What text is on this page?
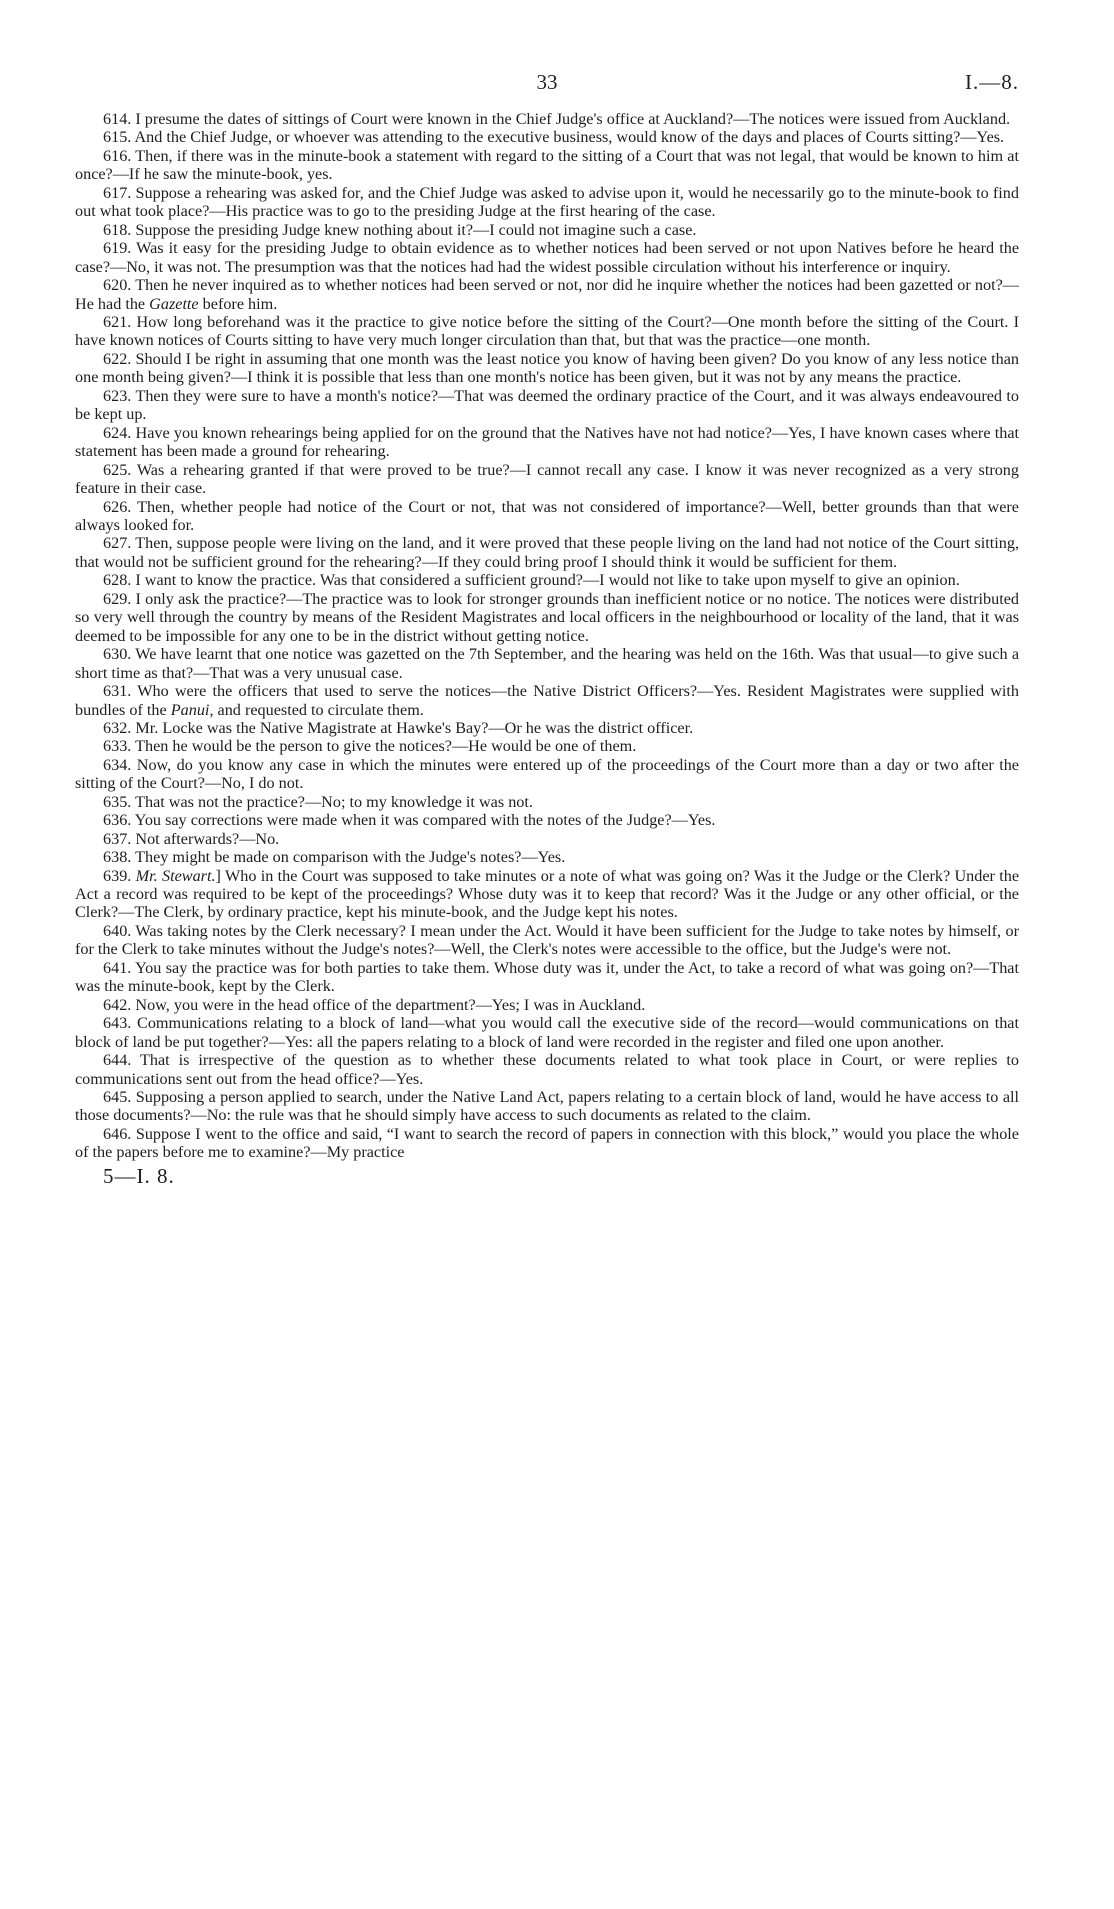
33	I.—8.

614. I presume the dates of sittings of Court were known in the Chief Judge's office at Auckland?—The notices were issued from Auckland.

615. And the Chief Judge, or whoever was attending to the executive business, would know of the days and places of Courts sitting?—Yes.

616. Then, if there was in the minute-book a statement with regard to the sitting of a Court that was not legal, that would be known to him at once?—If he saw the minute-book, yes.

617. Suppose a rehearing was asked for, and the Chief Judge was asked to advise upon it, would he necessarily go to the minute-book to find out what took place?—His practice was to go to the presiding Judge at the first hearing of the case.

618. Suppose the presiding Judge knew nothing about it?—I could not imagine such a case.

619. Was it easy for the presiding Judge to obtain evidence as to whether notices had been served or not upon Natives before he heard the case?—No, it was not. The presumption was that the notices had had the widest possible circulation without his interference or inquiry.

620. Then he never inquired as to whether notices had been served or not, nor did he inquire whether the notices had been gazetted or not?—He had the Gazette before him.

621. How long beforehand was it the practice to give notice before the sitting of the Court?—One month before the sitting of the Court. I have known notices of Courts sitting to have very much longer circulation than that, but that was the practice—one month.

622. Should I be right in assuming that one month was the least notice you know of having been given? Do you know of any less notice than one month being given?—I think it is possible that less than one month's notice has been given, but it was not by any means the practice.

623. Then they were sure to have a month's notice?—That was deemed the ordinary practice of the Court, and it was always endeavoured to be kept up.

624. Have you known rehearings being applied for on the ground that the Natives have not had notice?—Yes, I have known cases where that statement has been made a ground for rehearing.

625. Was a rehearing granted if that were proved to be true?—I cannot recall any case. I know it was never recognized as a very strong feature in their case.

626. Then, whether people had notice of the Court or not, that was not considered of importance?—Well, better grounds than that were always looked for.

627. Then, suppose people were living on the land, and it were proved that these people living on the land had not notice of the Court sitting, that would not be sufficient ground for the rehearing?—If they could bring proof I should think it would be sufficient for them.

628. I want to know the practice. Was that considered a sufficient ground?—I would not like to take upon myself to give an opinion.

629. I only ask the practice?—The practice was to look for stronger grounds than inefficient notice or no notice. The notices were distributed so very well through the country by means of the Resident Magistrates and local officers in the neighbourhood or locality of the land, that it was deemed to be impossible for any one to be in the district without getting notice.

630. We have learnt that one notice was gazetted on the 7th September, and the hearing was held on the 16th. Was that usual—to give such a short time as that?—That was a very unusual case.

631. Who were the officers that used to serve the notices—the Native District Officers?—Yes. Resident Magistrates were supplied with bundles of the Panui, and requested to circulate them.

632. Mr. Locke was the Native Magistrate at Hawke's Bay?—Or he was the district officer.

633. Then he would be the person to give the notices?—He would be one of them.

634. Now, do you know any case in which the minutes were entered up of the proceedings of the Court more than a day or two after the sitting of the Court?—No, I do not.

635. That was not the practice?—No; to my knowledge it was not.

636. You say corrections were made when it was compared with the notes of the Judge?—Yes.

637. Not afterwards?—No.

638. They might be made on comparison with the Judge's notes?—Yes.

639. Mr. Stewart.] Who in the Court was supposed to take minutes or a note of what was going on? Was it the Judge or the Clerk? Under the Act a record was required to be kept of the proceedings? Whose duty was it to keep that record? Was it the Judge or any other official, or the Clerk?—The Clerk, by ordinary practice, kept his minute-book, and the Judge kept his notes.

640. Was taking notes by the Clerk necessary? I mean under the Act. Would it have been sufficient for the Judge to take notes by himself, or for the Clerk to take minutes without the Judge's notes?—Well, the Clerk's notes were accessible to the office, but the Judge's were not.

641. You say the practice was for both parties to take them. Whose duty was it, under the Act, to take a record of what was going on?—That was the minute-book, kept by the Clerk.

642. Now, you were in the head office of the department?—Yes; I was in Auckland.

643. Communications relating to a block of land—what you would call the executive side of the record—would communications on that block of land be put together?—Yes: all the papers relating to a block of land were recorded in the register and filed one upon another.

644. That is irrespective of the question as to whether these documents related to what took place in Court, or were replies to communications sent out from the head office?—Yes.

645. Supposing a person applied to search, under the Native Land Act, papers relating to a certain block of land, would he have access to all those documents?—No: the rule was that he should simply have access to such documents as related to the claim.

646. Suppose I went to the office and said, “I want to search the record of papers in connection with this block,” would you place the whole of the papers before me to examine?—My practice

5—I. 8.
